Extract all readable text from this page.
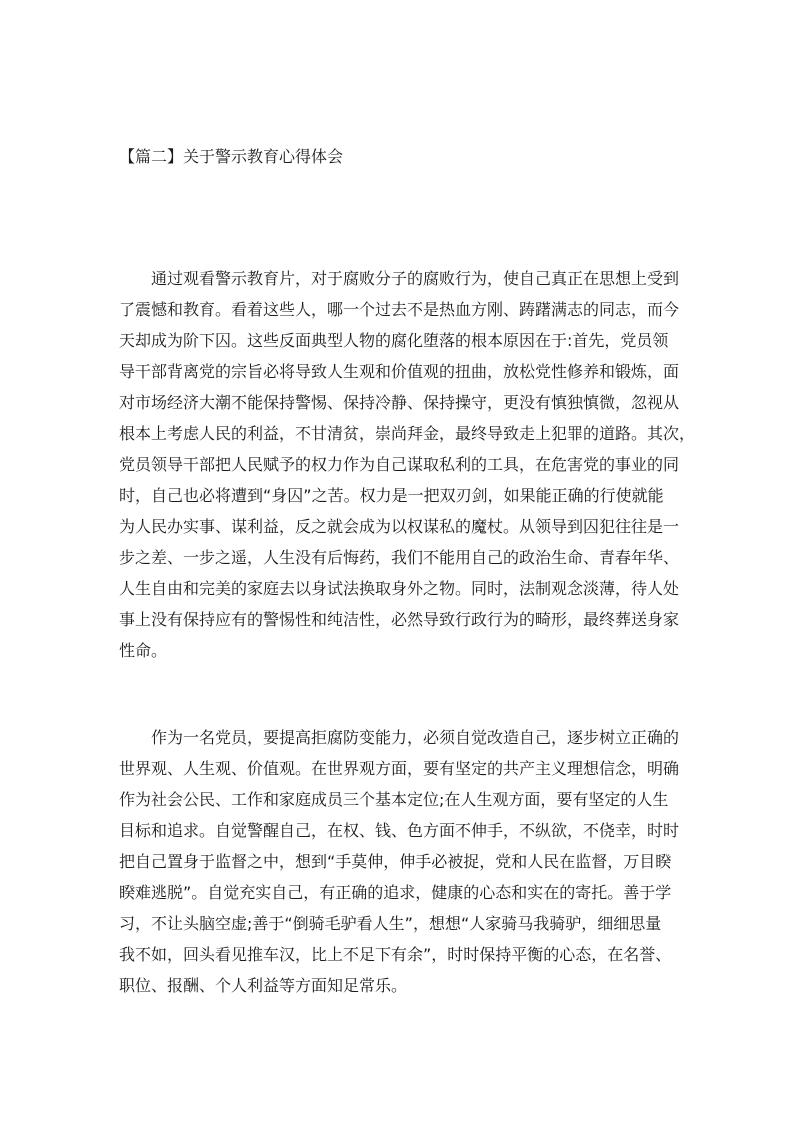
【篇二】关于警示教育心得体会
通过观看警示教育片，对于腐败分子的腐败行为，使自己真正在思想上受到
了震憾和教育。看着这些人，哪一个过去不是热血方刚、踌躇满志的同志，而今
天却成为阶下囚。这些反面典型人物的腐化堕落的根本原因在于:首先，党员领
导干部背离党的宗旨必将导致人生观和价值观的扭曲，放松党性修养和锻炼，面
对市场经济大潮不能保持警惕、保持冷静、保持操守，更没有慎独慎微，忽视从
根本上考虑人民的利益，不甘清贫，崇尚拜金，最终导致走上犯罪的道路。其次，
党员领导干部把人民赋予的权力作为自己谋取私利的工具，在危害党的事业的同
时，自己也必将遭到“身囚”之苦。权力是一把双刃剑，如果能正确的行使就能
为人民办实事、谋利益，反之就会成为以权谋私的魔杖。从领导到囚犯往往是一
步之差、一步之遥，人生没有后悔药，我们不能用自己的政治生命、青春年华、
人生自由和完美的家庭去以身试法换取身外之物。同时，法制观念淡薄，待人处
事上没有保持应有的警惕性和纯洁性，必然导致行政行为的畸形，最终葬送身家
性命。
作为一名党员，要提高拒腐防变能力，必须自觉改造自己，逐步树立正确的
世界观、人生观、价值观。在世界观方面，要有坚定的共产主义理想信念，明确
作为社会公民、工作和家庭成员三个基本定位;在人生观方面，要有坚定的人生
目标和追求。自觉警醒自己，在权、钱、色方面不伸手，不纵欲，不侥幸，时时
把自己置身于监督之中，想到“手莫伸，伸手必被捉，党和人民在监督，万目睽
睽难逃脱”。自觉充实自己，有正确的追求，健康的心态和实在的寄托。善于学
习，不让头脑空虚;善于“倒骑毛驴看人生”，想想“人家骑马我骑驴，细细思量
我不如，回头看见推车汉，比上不足下有余”，时时保持平衡的心态，在名誉、
职位、报酬、个人利益等方面知足常乐。
